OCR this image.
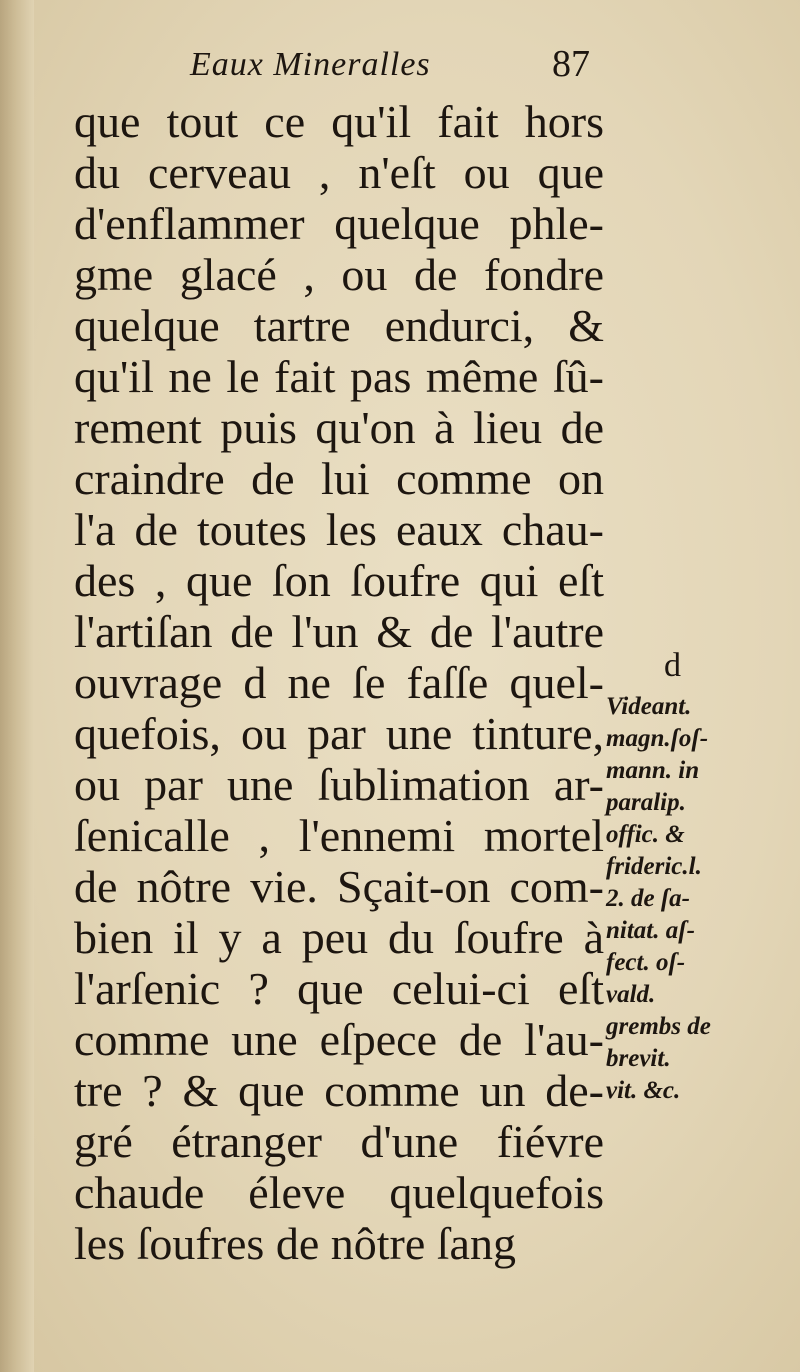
Eaux Mineralles	87
que tout ce qu'il fait hors
du cerveau , n'eſt ou que
d'enflammer quelque phle-
gme glacé , ou de fondre
quelque tartre endurci, &
qu'il ne le fait pas même ſû-
rement puis qu'on à lieu de
craindre de lui comme on
l'a de toutes les eaux chau-
des , que ſon ſoufre qui eſt
l'artiſan de l'un & de l'autre
ouvrage d ne ſe faſſe quel-
quefois, ou par une tinture,
ou par une ſublimation ar-
ſenicalle , l'ennemi mortel
de nôtre vie. Sçait-on com-
bien il y a peu du ſoufre à
l'arſenic ? que celui-ci eſt
comme une eſpece de l'au-
tre ? & que comme un de-
gré étranger d'une fiévre
chaude éleve quelquefois
les ſoufres de nôtre ſang
d
Videant.
magn.ſoſ-
mann. in
paralip.
offic. &
frideric.l.
2. de ſa-
nitat. aſ-
fect. oſ-
vald.
grembs de
brevit.
vit. &c.
